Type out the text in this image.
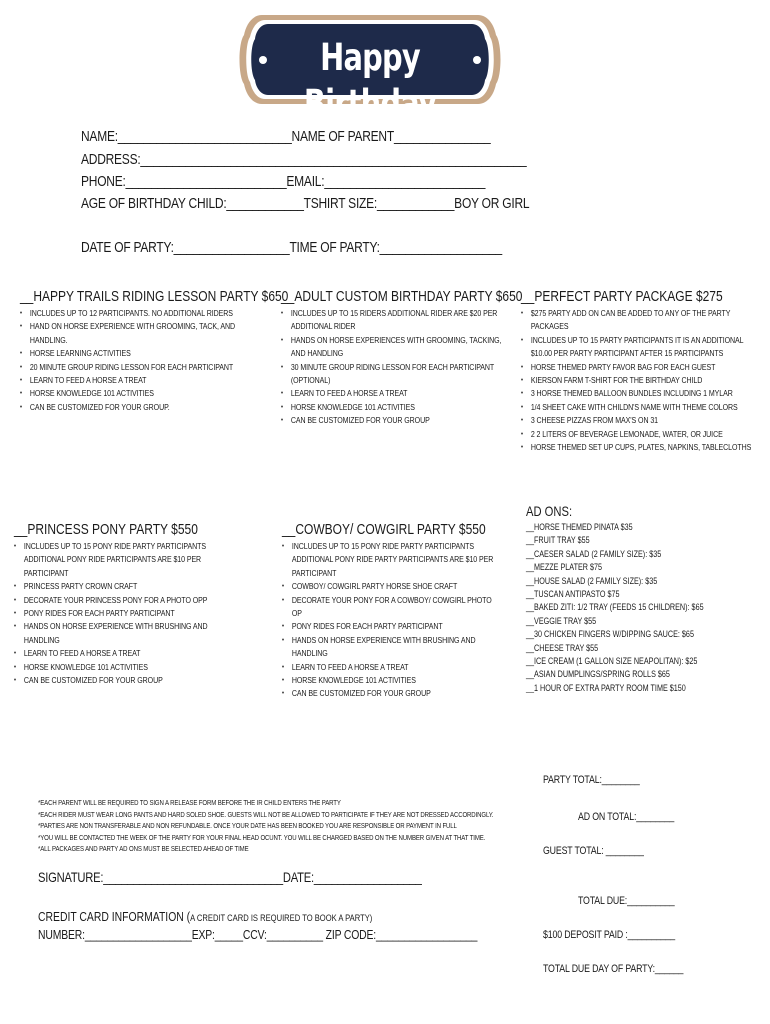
Happy Birthday
NAME:___________________________NAME OF PARENT_______________
ADDRESS:____________________________________________________________
PHONE:_________________________EMAIL:_________________________
AGE OF BIRTHDAY CHILD:____________TSHIRT SIZE:____________BOY OR GIRL
DATE OF PARTY:__________________TIME OF PARTY:___________________
__HAPPY TRAILS RIDING LESSON PARTY $650
• INCLUDES UP TO 12 PARTICIPANTS. NO ADDITIONAL RIDERS
• HAND ON HORSE EXPERIENCE WITH GROOMING, TACK, AND HANDLING.
• HORSE LEARNING ACTIVITIES
• 20 MINUTE GROUP RIDING LESSON FOR EACH PARTICIPANT
• LEARN TO FEED A HORSE A TREAT
• HORSE KNOWLEDGE 101 ACTIVITIES
• CAN BE CUSTOMIZED FOR YOUR GROUP.
__ADULT CUSTOM BIRTHDAY PARTY $650
• INCLUDES UP TO 15 RIDERS ADDITIONAL RIDER ARE $20 PER ADDITIONAL RIDER
• HANDS ON HORSE EXPERIENCES WITH GROOMING, TACKING, AND HANDLING
• 30 MINUTE GROUP RIDING LESSON FOR EACH PARTICIPANT (OPTIONAL)
• LEARN TO FEED A HORSE A TREAT
• HORSE KNOWLEDGE 101 ACTIVITIES
• CAN BE CUSTOMIZED FOR YOUR GROUP
__PERFECT PARTY PACKAGE $275
• $275 PARTY ADD ON CAN BE ADDED TO ANY OF THE PARTY PACKAGES
• INCLUDES UP TO 15 PARTY PARTICIPANTS IT IS AN ADDITIONAL $10.00 PER PARTY PARTICIPANT AFTER 15 PARTICIPANTS
• HORSE THEMED PARTY FAVOR BAG FOR EACH GUEST
• KIERSON FARM T-SHIRT FOR THE BIRTHDAY CHILD
• 3 HORSE THEMED BALLOON BUNDLES INCLUDING 1 MYLAR
• 1/4 SHEET CAKE WITH CHILDN'S NAME WITH THEME COLORS
• 3 CHEESE PIZZAS FROM MAX'S ON 31
• 2 2 LITERS OF BEVERAGE LEMONADE, WATER, OR JUICE
• HORSE THEMED SET UP CUPS, PLATES, NAPKINS, TABLECLOTHS
__PRINCESS PONY PARTY $550
• INCLUDES UP TO 15 PONY RIDE PARTY PARTICIPANTS ADDITIONAL PONY RIDE PARTICIPANTS ARE $10 PER PARTICIPANT
• PRINCESS PARTY CROWN CRAFT
• DECORATE YOUR PRINCESS PONY FOR A PHOTO OPP
• PONY RIDES FOR EACH PARTY PARTICIPANT
• HANDS ON HORSE EXPERIENCE WITH BRUSHING AND HANDLING
• LEARN TO FEED A HORSE A TREAT
• HORSE KNOWLEDGE 101 ACTIVITIES
• CAN BE CUSTOMIZED FOR YOUR GROUP
__COWBOY/ COWGIRL PARTY $550
• INCLUDES UP TO 15 PONY RIDE PARTY PARTICIPANTS ADDITIONAL PONY RIDE PARTY PARTICIPANTS ARE $10 PER PARTICIPANT
• COWBOY/ COWGIRL PARTY HORSE SHOE CRAFT
• DECORATE YOUR PONY FOR A COWBOY/ COWGIRL PHOTO OP
• PONY RIDES FOR EACH PARTY PARTICIPANT
• HANDS ON HORSE EXPERIENCE WITH BRUSHING AND HANDLING
• LEARN TO FEED A HORSE A TREAT
• HORSE KNOWLEDGE 101 ACTIVITIES
• CAN BE CUSTOMIZED FOR YOUR GROUP
AD ONS:
__HORSE THEMED PINATA $35
__FRUIT TRAY $55
__CAESER SALAD (2 FAMILY SIZE): $35
__MEZZE PLATER $75
__HOUSE SALAD (2 FAMILY SIZE): $35
__TUSCAN ANTIPASTO $75
__BAKED ZITI: 1/2 TRAY (FEEDS 15 CHILDREN): $65
__VEGGIE TRAY $55
__30 CHICKEN FINGERS W/DIPPING SAUCE: $65
__CHEESE TRAY $55
__ICE CREAM (1 GALLON SIZE NEAPOLITAN): $25
__ASIAN DUMPLINGS/SPRING ROLLS $65
__1 HOUR OF EXTRA PARTY ROOM TIME $150
*EACH PARENT WILL BE REQUIRED TO SIGN A RELEASE FORM BEFORE THE IR CHILD ENTERS THE PARTY
*EACH RIDER MUST WEAR LONG PANTS AND HARD SOLED SHOE. GUESTS WILL NOT BE ALLOWED TO PARTICIPATE IF THEY ARE NOT DRESSED ACCORDINGLY.
*PARTIES ARE NON TRANSFERABLE AND NON REFUNDABLE. ONCE YOUR DATE HAS BEEN BOOKED YOU ARE RESPONSIBLE OR PAYMENT IN FULL
*YOU WILL BE CONTACTED THE WEEK OF THE PARTY FOR YOUR FINAL HEAD OCUNT. YOU WILL BE CHARGED BASED ON THE NUMBER GIVEN AT THAT TIME.
*ALL PACKAGES AND PARTY AD ONS MUST BE SELECTED AHEAD OF TIME
SIGNATURE:______________________________DATE:__________________
CREDIT CARD INFORMATION (A CREDIT CARD IS REQUIRED TO BOOK A PARTY)
NUMBER:___________________EXP:_____CCV:__________ ZIP CODE:__________________
PARTY TOTAL:________
AD ON TOTAL:________
GUEST TOTAL: ________
TOTAL DUE:__________
$100 DEPOSIT PAID :__________
TOTAL DUE DAY OF PARTY:______
